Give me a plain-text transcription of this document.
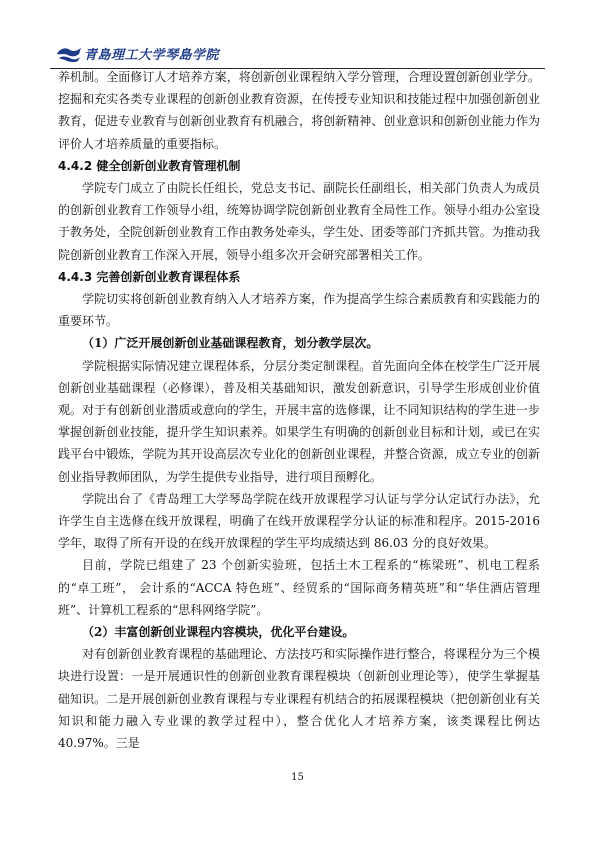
青島理工大学琴島学院

养机制。全面修订人才培养方案，将创新创业课程纳入学分管理，合理设置创新创业学分。挖掘和充实各类专业课程的创新创业教育资源，在传授专业知识和技能过程中加强创新创业教育，促进专业教育与创新创业教育有机融合，将创新精神、创业意识和创新创业能力作为评价人才培养质量的重要指标。

4.4.2 健全创新创业教育管理机制

学院专门成立了由院长任组长，党总支书记、副院长任副组长，相关部门负责人为成员的创新创业教育工作领导小组，统筹协调学院创新创业教育全局性工作。领导小组办公室设于教务处，全院创新创业教育工作由教务处牵头，学生处、团委等部门齐抓共管。为推动我院创新创业教育工作深入开展，领导小组多次开会研究部署相关工作。

4.4.3 完善创新创业教育课程体系

学院切实将创新创业教育纳入人才培养方案，作为提高学生综合素质教育和实践能力的重要环节。

（1）广泛开展创新创业基础课程教育，划分教学层次。

学院根据实际情况建立课程体系，分层分类定制课程。首先面向全体在校学生广泛开展创新创业基础课程（必修课），普及相关基础知识，激发创新意识，引导学生形成创业价值观。对于有创新创业潜质或意向的学生，开展丰富的选修课，让不同知识结构的学生进一步掌握创新创业技能，提升学生知识素养。如果学生有明确的创新创业目标和计划，或已在实践平台中锻炼，学院为其开设高层次专业化的创新创业课程，并整合资源，成立专业的创新创业指导教师团队，为学生提供专业指导，进行项目预孵化。

学院出台了《青岛理工大学琴岛学院在线开放课程学习认证与学分认定试行办法》，允许学生自主选修在线开放课程，明确了在线开放课程学分认证的标准和程序。2015-2016 学年，取得了所有开设的在线开放课程的学生平均成绩达到 86.03 分的良好效果。

目前，学院已组建了 23 个创新实验班，包括土木工程系的“栋梁班”、机电工程系的“卓工班”， 会计系的“ACCA 特色班”、经贸系的“国际商务精英班”和“华住酒店管理班”、计算机工程系的“思科网络学院”。

（2）丰富创新创业课程内容模块，优化平台建设。

对有创新创业教育课程的基础理论、方法技巧和实际操作进行整合，将课程分为三个模块进行设置：一是开展通识性的创新创业教育课程模块（创新创业理论等），使学生掌握基础知识。二是开展创新创业教育课程与专业课程有机结合的拓展课程模块（把创新创业有关知识和能力融入专业课的教学过程中），整合优化人才培养方案，该类课程比例达 40.97%。三是

15
